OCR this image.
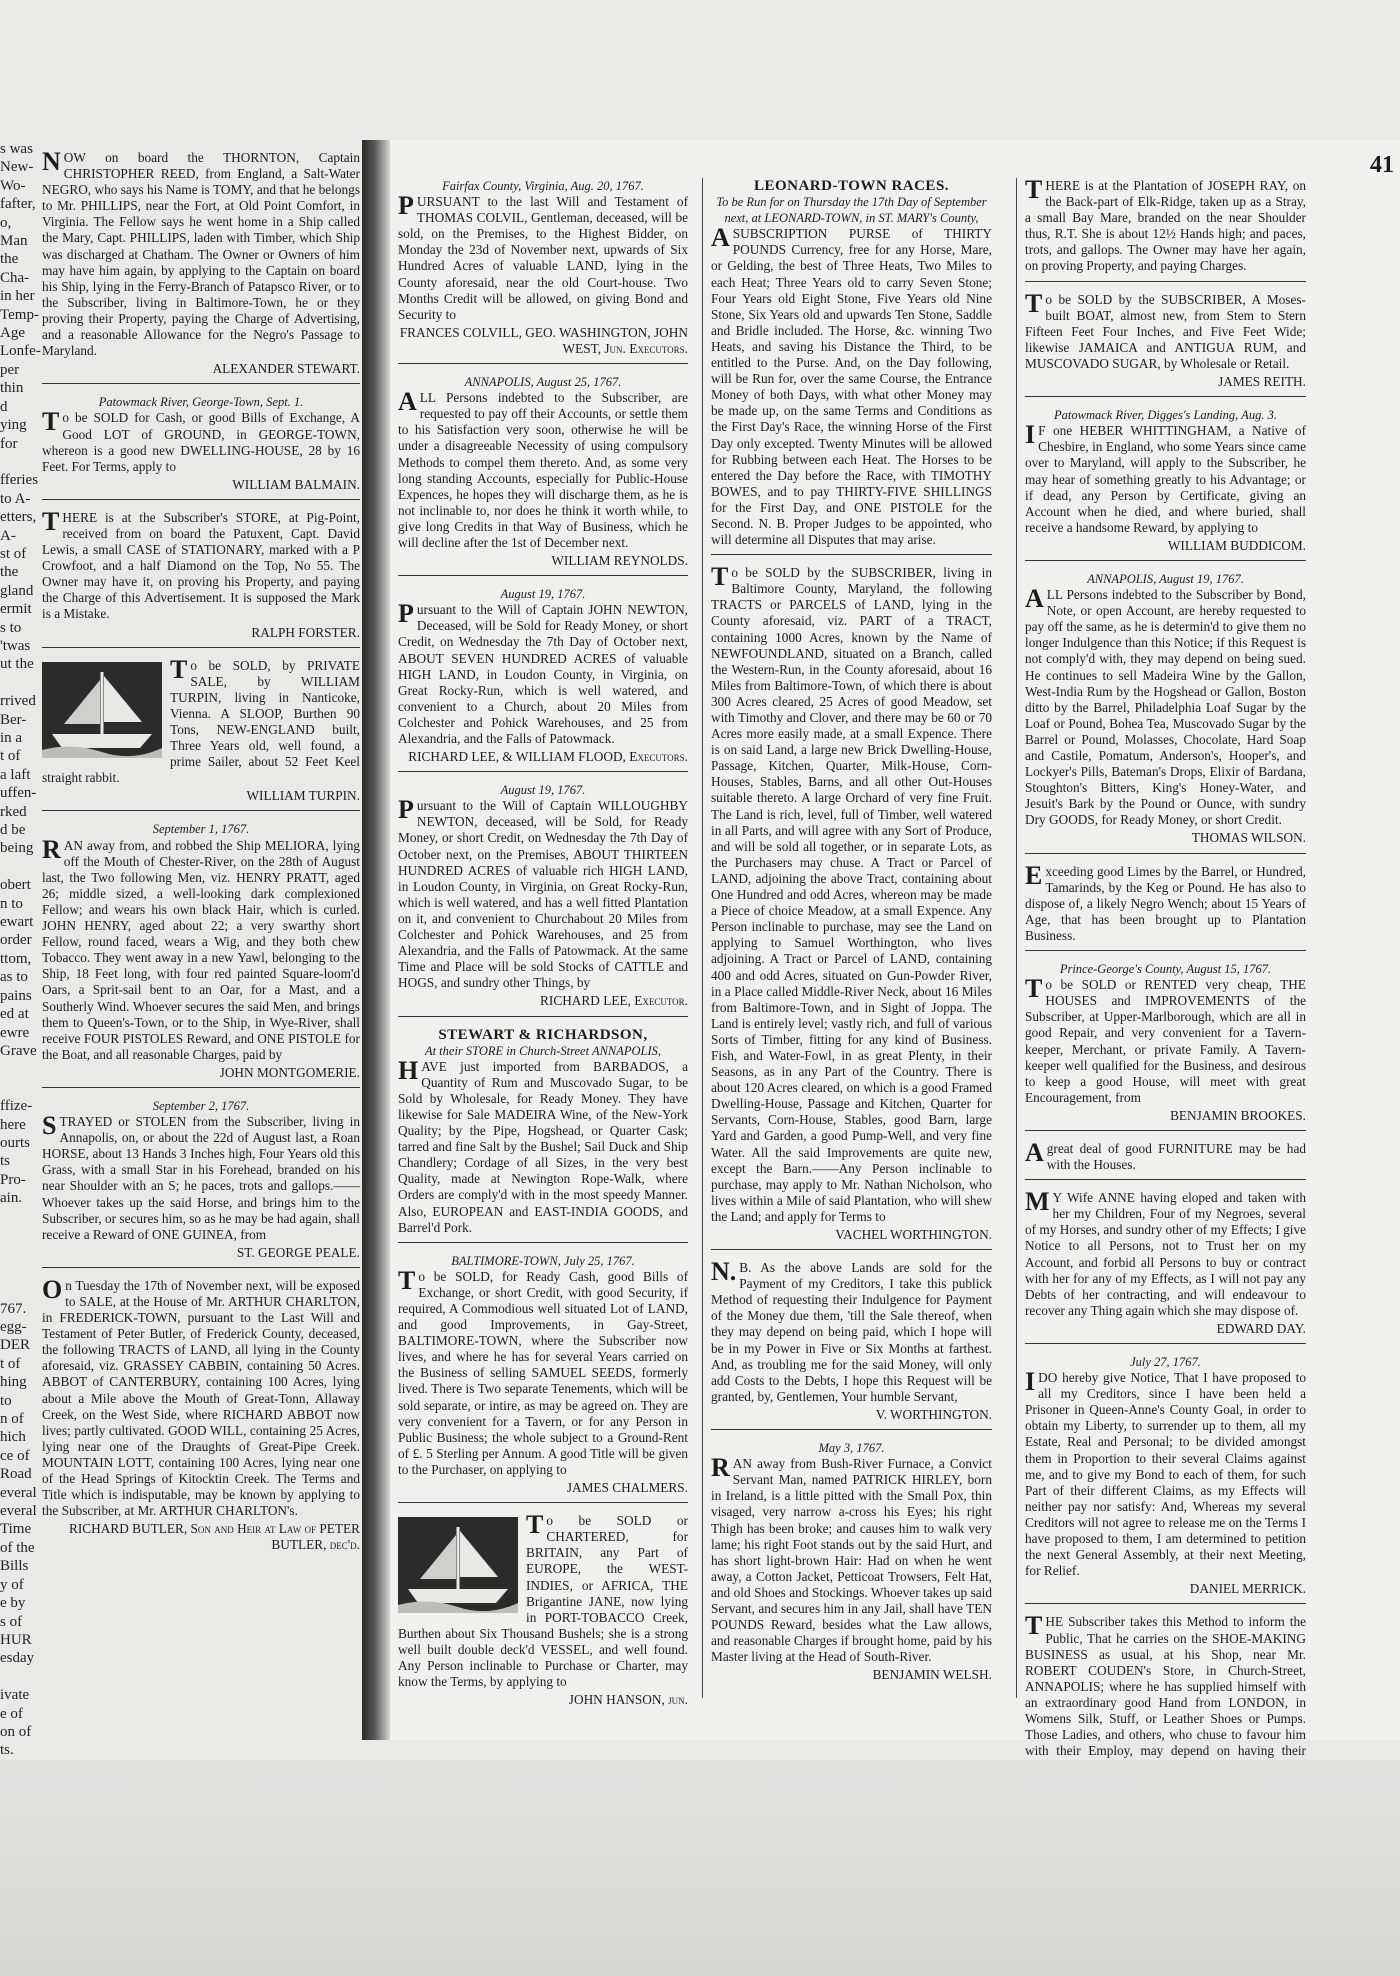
s was
New-
Wo-
fafter,
o,
Man
the
Cha-
in her
Temp-
Age
Lonfe-
per
thin
d
ying
for

fferies
to A-
etters,
A-
st of
the
gland
ermit
s to
'twas
ut the

rrived
Ber-
in a
t of
a laft
uffen-
rked
d be
being

obert
n to
ewart
order
ttom,
as to
pains
ed at
ewre
Grave

ffize-
here
ourts
ts
Pro-
ain.

767.
egg-
DER
t of
hing
to
n of
hich
ce of
Road
everal
everal
Time
of the
Bills
y of
e by
s of
HUR
esday

ivate
e of
on of
ts.

NOW on board the THORNTON, Captain CHRISTOPHER REED, from England, a Salt-Water NEGRO, who says his Name is TOMY, and that he belongs to Mr. PHILLIPS, near the Fort, at Old Point Comfort, in Virginia. The Fellow says he went home in a Ship called the Mary, Capt. PHILLIPS, laden with Timber, which Ship was discharged at Chatham. The Owner or Owners of him may have him again, by applying to the Captain on board his Ship, lying in the Ferry-Branch of Patapsco River, or to the Subscriber, living in Baltimore-Town, he or they proving their Property, paying the Charge of Advertising, and a reasonable Allowance for the Negro's Passage to Maryland.

ALEXANDER STEWART.
Patowmack River, George-Town, Sept. 1.

To be SOLD for Cash, or good Bills of Exchange, A Good LOT of GROUND, in GEORGE-TOWN, whereon is a good new DWELLING-HOUSE, 28 by 16 Feet. For Terms, apply to

WILLIAM BALMAIN.

THERE is at the Subscriber's STORE, at Pig-Point, received from on board the Patuxent, Capt. David Lewis, a small CASE of STATIONARY, marked with a P Crowfoot, and a half Diamond on the Top, No 55. The Owner may have it, on proving his Property, and paying the Charge of this Advertisement. It is supposed the Mark is a Mistake.

RALPH FORSTER.

To be SOLD, by PRIVATE SALE, by WILLIAM TURPIN, living in Nanticoke, Vienna. A SLOOP, Burthen 90 Tons, NEW-ENGLAND built, Three Years old, well found, a prime Sailer, about 52 Feet Keel straight rabbit.

WILLIAM TURPIN.
September 1, 1767.

RAN away from, and robbed the Ship MELIORA, lying off the Mouth of Chester-River, on the 28th of August last, the Two following Men, viz. HENRY PRATT, aged 26; middle sized, a well-looking dark complexioned Fellow; and wears his own black Hair, which is curled. JOHN HENRY, aged about 22; a very swarthy short Fellow, round faced, wears a Wig, and they both chew Tobacco. They went away in a new Yawl, belonging to the Ship, 18 Feet long, with four red painted Square-loom'd Oars, a Sprit-sail bent to an Oar, for a Mast, and a Southerly Wind. Whoever secures the said Men, and brings them to Queen's-Town, or to the Ship, in Wye-River, shall receive FOUR PISTOLES Reward, and ONE PISTOLE for the Boat, and all reasonable Charges, paid by

JOHN MONTGOMERIE.
September 2, 1767.

STRAYED or STOLEN from the Subscriber, living in Annapolis, on, or about the 22d of August last, a Roan HORSE, about 13 Hands 3 Inches high, Four Years old this Grass, with a small Star in his Forehead, branded on his near Shoulder with an S; he paces, trots and gallops.——Whoever takes up the said Horse, and brings him to the Subscriber, or secures him, so as he may be had again, shall receive a Reward of ONE GUINEA, from

ST. GEORGE PEALE.

On Tuesday the 17th of November next, will be exposed to SALE, at the House of Mr. ARTHUR CHARLTON, in FREDERICK-TOWN, pursuant to the Last Will and Testament of Peter Butler, of Frederick County, deceased, the following TRACTS of LAND, all lying in the County aforesaid, viz. GRASSEY CABBIN, containing 50 Acres. ABBOT of CANTERBURY, containing 100 Acres, lying about a Mile above the Mouth of Great-Tonn, Allaway Creek, on the West Side, where RICHARD ABBOT now lives; partly cultivated. GOOD WILL, containing 25 Acres, lying near one of the Draughts of Great-Pipe Creek. MOUNTAIN LOTT, containing 100 Acres, lying near one of the Head Springs of Kitocktin Creek. The Terms and Title which is indisputable, may be known by applying to the Subscriber, at Mr. ARTHUR CHARLTON's.

RICHARD BUTLER, Son and Heir at Law of PETER BUTLER, dec'd.
41
Fairfax County, Virginia, Aug. 20, 1767.

PURSUANT to the last Will and Testament of THOMAS COLVIL, Gentleman, deceased, will be sold, on the Premises, to the Highest Bidder, on Monday the 23d of November next, upwards of Six Hundred Acres of valuable LAND, lying in the County aforesaid, near the old Court-house. Two Months Credit will be allowed, on giving Bond and Security to

FRANCES COLVILL, GEO. WASHINGTON, JOHN WEST, Jun. Executors.
ANNAPOLIS, August 25, 1767.

ALL Persons indebted to the Subscriber, are requested to pay off their Accounts, or settle them to his Satisfaction very soon, otherwise he will be under a disagreeable Necessity of using compulsory Methods to compel them thereto. And, as some very long standing Accounts, especially for Public-House Expences, he hopes they will discharge them, as he is not inclinable to, nor does he think it worth while, to give long Credits in that Way of Business, which he will decline after the 1st of December next.

WILLIAM REYNOLDS.
August 19, 1767.

Pursuant to the Will of Captain JOHN NEWTON, Deceased, will be Sold for Ready Money, or short Credit, on Wednesday the 7th Day of October next, ABOUT SEVEN HUNDRED ACRES of valuable HIGH LAND, in Loudon County, in Virginia, on Great Rocky-Run, which is well watered, and convenient to a Church, about 20 Miles from Colchester and Pohick Warehouses, and 25 from Alexandria, and the Falls of Patowmack.

RICHARD LEE, & WILLIAM FLOOD, Executors.
August 19, 1767.

Pursuant to the Will of Captain WILLOUGHBY NEWTON, deceased, will be Sold, for Ready Money, or short Credit, on Wednesday the 7th Day of October next, on the Premises, ABOUT THIRTEEN HUNDRED ACRES of valuable rich HIGH LAND, in Loudon County, in Virginia, on Great Rocky-Run, which is well watered, and has a well fitted Plantation on it, and convenient to Churchabout 20 Miles from Colchester and Pohick Warehouses, and 25 from Alexandria, and the Falls of Patowmack. At the same Time and Place will be sold Stocks of CATTLE and HOGS, and sundry other Things, by

RICHARD LEE, Executor.
STEWART & RICHARDSON,
At their STORE in Church-Street ANNAPOLIS,

HAVE just imported from BARBADOS, a Quantity of Rum and Muscovado Sugar, to be Sold by Wholesale, for Ready Money. They have likewise for Sale MADEIRA Wine, of the New-York Quality; by the Pipe, Hogshead, or Quarter Cask; tarred and fine Salt by the Bushel; Sail Duck and Ship Chandlery; Cordage of all Sizes, in the very best Quality, made at Newington Rope-Walk, where Orders are comply'd with in the most speedy Manner. Also, EUROPEAN and EAST-INDIA GOODS, and Barrel'd Pork.

BALTIMORE-TOWN, July 25, 1767.

To be SOLD, for Ready Cash, good Bills of Exchange, or short Credit, with good Security, if required, A Commodious well situated Lot of LAND, and good Improvements, in Gay-Street, BALTIMORE-TOWN, where the Subscriber now lives, and where he has for several Years carried on the Business of selling SAMUEL SEEDS, formerly lived. There is Two separate Tenements, which will be sold separate, or intire, as may be agreed on. They are very convenient for a Tavern, or for any Person in Public Business; the whole subject to a Ground-Rent of £. 5 Sterling per Annum. A good Title will be given to the Purchaser, on applying to

JAMES CHALMERS.

To be SOLD or CHARTERED, for BRITAIN, any Part of EUROPE, the WEST-INDIES, or AFRICA, THE Brigantine JANE, now lying in PORT-TOBACCO Creek, Burthen about Six Thousand Bushels; she is a strong well built double deck'd VESSEL, and well found. Any Person inclinable to Purchase or Charter, may know the Terms, by applying to

JOHN HANSON, jun.
LEONARD-TOWN RACES.
To be Run for on Thursday the 17th Day of September next, at LEONARD-TOWN, in ST. MARY's County,

ASUBSCRIPTION PURSE of THIRTY POUNDS Currency, free for any Horse, Mare, or Gelding, the best of Three Heats, Two Miles to each Heat; Three Years old to carry Seven Stone; Four Years old Eight Stone, Five Years old Nine Stone, Six Years old and upwards Ten Stone, Saddle and Bridle included. The Horse, &c. winning Two Heats, and saving his Distance the Third, to be entitled to the Purse. And, on the Day following, will be Run for, over the same Course, the Entrance Money of both Days, with what other Money may be made up, on the same Terms and Conditions as the First Day's Race, the winning Horse of the First Day only excepted. Twenty Minutes will be allowed for Rubbing between each Heat. The Horses to be entered the Day before the Race, with TIMOTHY BOWES, and to pay THIRTY-FIVE SHILLINGS for the First Day, and ONE PISTOLE for the Second. N. B. Proper Judges to be appointed, who will determine all Disputes that may arise.

To be SOLD by the SUBSCRIBER, living in Baltimore County, Maryland, the following TRACTS or PARCELS of LAND, lying in the County aforesaid, viz. PART of a TRACT, containing 1000 Acres, known by the Name of NEWFOUNDLAND, situated on a Branch, called the Western-Run, in the County aforesaid, about 16 Miles from Baltimore-Town, of which there is about 300 Acres cleared, 25 Acres of good Meadow, set with Timothy and Clover, and there may be 60 or 70 Acres more easily made, at a small Expence. There is on said Land, a large new Brick Dwelling-House, Passage, Kitchen, Quarter, Milk-House, Corn-Houses, Stables, Barns, and all other Out-Houses suitable thereto. A large Orchard of very fine Fruit. The Land is rich, level, full of Timber, well watered in all Parts, and will agree with any Sort of Produce, and will be sold all together, or in separate Lots, as the Purchasers may chuse. A Tract or Parcel of LAND, adjoining the above Tract, containing about One Hundred and odd Acres, whereon may be made a Piece of choice Meadow, at a small Expence. Any Person inclinable to purchase, may see the Land on applying to Samuel Worthington, who lives adjoining. A Tract or Parcel of LAND, containing 400 and odd Acres, situated on Gun-Powder River, in a Place called Middle-River Neck, about 16 Miles from Baltimore-Town, and in Sight of Joppa. The Land is entirely level; vastly rich, and full of various Sorts of Timber, fitting for any kind of Business. Fish, and Water-Fowl, in as great Plenty, in their Seasons, as in any Part of the Country. There is about 120 Acres cleared, on which is a good Framed Dwelling-House, Passage and Kitchen, Quarter for Servants, Corn-House, Stables, good Barn, large Yard and Garden, a good Pump-Well, and very fine Water. All the said Improvements are quite new, except the Barn.——Any Person inclinable to purchase, may apply to Mr. Nathan Nicholson, who lives within a Mile of said Plantation, who will shew the Land; and apply for Terms to

VACHEL WORTHINGTON.

N.B. As the above Lands are sold for the Payment of my Creditors, I take this publick Method of requesting their Indulgence for Payment of the Money due them, 'till the Sale thereof, when they may depend on being paid, which I hope will be in my Power in Five or Six Months at farthest. And, as troubling me for the said Money, will only add Costs to the Debts, I hope this Request will be granted, by, Gentlemen, Your humble Servant,

V. WORTHINGTON.
May 3, 1767.

RAN away from Bush-River Furnace, a Convict Servant Man, named PATRICK HIRLEY, born in Ireland, is a little pitted with the Small Pox, thin visaged, very narrow a-cross his Eyes; his right Thigh has been broke; and causes him to walk very lame; his right Foot stands out by the said Hurt, and has short light-brown Hair: Had on when he went away, a Cotton Jacket, Petticoat Trowsers, Felt Hat, and old Shoes and Stockings. Whoever takes up said Servant, and secures him in any Jail, shall have TEN POUNDS Reward, besides what the Law allows, and reasonable Charges if brought home, paid by his Master living at the Head of South-River.

BENJAMIN WELSH.

THERE is at the Plantation of JOSEPH RAY, on the Back-part of Elk-Ridge, taken up as a Stray, a small Bay Mare, branded on the near Shoulder thus, R.T. She is about 12½ Hands high; and paces, trots, and gallops. The Owner may have her again, on proving Property, and paying Charges.

To be SOLD by the SUBSCRIBER, A Moses-built BOAT, almost new, from Stem to Stern Fifteen Feet Four Inches, and Five Feet Wide; likewise JAMAICA and ANTIGUA RUM, and MUSCOVADO SUGAR, by Wholesale or Retail.

JAMES REITH.
Patowmack River, Digges's Landing, Aug. 3.

IF one HEBER WHITTINGHAM, a Native of Chesbire, in England, who some Years since came over to Maryland, will apply to the Subscriber, he may hear of something greatly to his Advantage; or if dead, any Person by Certificate, giving an Account when he died, and where buried, shall receive a handsome Reward, by applying to

WILLIAM BUDDICOM.
ANNAPOLIS, August 19, 1767.

ALL Persons indebted to the Subscriber by Bond, Note, or open Account, are hereby requested to pay off the same, as he is determin'd to give them no longer Indulgence than this Notice; if this Request is not comply'd with, they may depend on being sued. He continues to sell Madeira Wine by the Gallon, West-India Rum by the Hogshead or Gallon, Boston ditto by the Barrel, Philadelphia Loaf Sugar by the Loaf or Pound, Bohea Tea, Muscovado Sugar by the Barrel or Pound, Molasses, Chocolate, Hard Soap and Castile, Pomatum, Anderson's, Hooper's, and Lockyer's Pills, Bateman's Drops, Elixir of Bardana, Stoughton's Bitters, King's Honey-Water, and Jesuit's Bark by the Pound or Ounce, with sundry Dry GOODS, for Ready Money, or short Credit.

THOMAS WILSON.

Exceeding good Limes by the Barrel, or Hundred, Tamarinds, by the Keg or Pound. He has also to dispose of, a likely Negro Wench; about 15 Years of Age, that has been brought up to Plantation Business.

Prince-George's County, August 15, 1767.

To be SOLD or RENTED very cheap, THE HOUSES and IMPROVEMENTS of the Subscriber, at Upper-Marlborough, which are all in good Repair, and very convenient for a Tavern-keeper, Merchant, or private Family. A Tavern-keeper well qualified for the Business, and desirous to keep a good House, will meet with great Encouragement, from

BENJAMIN BROOKES.

Agreat deal of good FURNITURE may be had with the Houses.

MY Wife ANNE having eloped and taken with her my Children, Four of my Negroes, several of my Horses, and sundry other of my Effects; I give Notice to all Persons, not to Trust her on my Account, and forbid all Persons to buy or contract with her for any of my Effects, as I will not pay any Debts of her contracting, and will endeavour to recover any Thing again which she may dispose of.

EDWARD DAY.
July 27, 1767.

IDO hereby give Notice, That I have proposed to all my Creditors, since I have been held a Prisoner in Queen-Anne's County Goal, in order to obtain my Liberty, to surrender up to them, all my Estate, Real and Personal; to be divided amongst them in Proportion to their several Claims against me, and to give my Bond to each of them, for such Part of their different Claims, as my Effects will neither pay nor satisfy: And, Whereas my several Creditors will not agree to release me on the Terms I have proposed to them, I am determined to petition the next General Assembly, at their next Meeting, for Relief.

DANIEL MERRICK.

THE Subscriber takes this Method to inform the Public, That he carries on the SHOE-MAKING BUSINESS as usual, at his Shop, near Mr. ROBERT COUDEN's Store, in Church-Street, ANNAPOLIS; where he has supplied himself with an extraordinary good Hand from LONDON, in Womens Silk, Stuff, or Leather Shoes or Pumps. Those Ladies, and others, who chuse to favour him with their Employ, may depend on having their
